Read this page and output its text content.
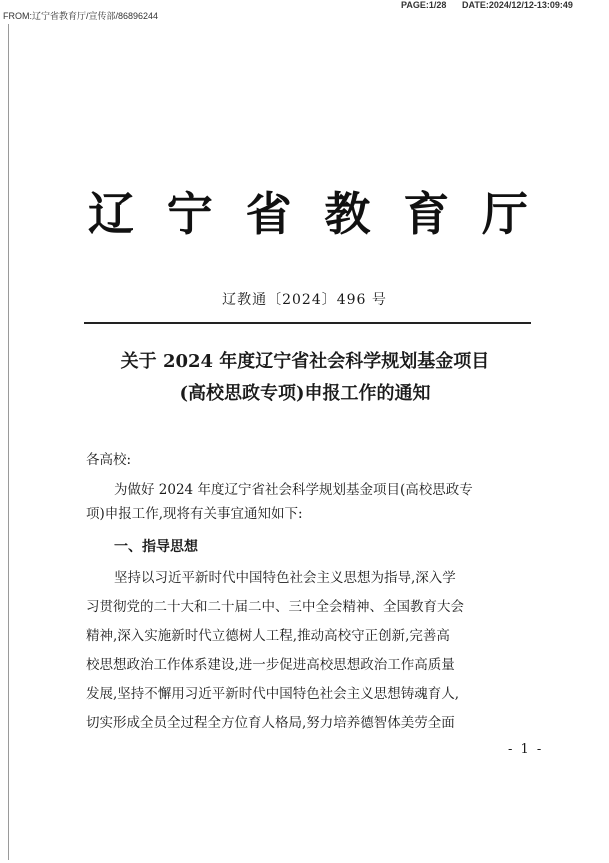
FROM:辽宁省教育厅/宣传部/86896244
PAGE:1/28 DATE:2024/12/12-13:09:49
辽 宁 省 教 育 厅
辽教通〔2024〕496 号
关于 2024 年度辽宁省社会科学规划基金项目
(高校思政专项)申报工作的通知
各高校:
为做好 2024 年度辽宁省社会科学规划基金项目(高校思政专
项)申报工作,现将有关事宜通知如下:
一、指导思想
坚持以习近平新时代中国特色社会主义思想为指导,深入学
习贯彻党的二十大和二十届二中、三中全会精神、全国教育大会
精神,深入实施新时代立德树人工程,推动高校守正创新,完善高
校思想政治工作体系建设,进一步促进高校思想政治工作高质量
发展,坚持不懈用习近平新时代中国特色社会主义思想铸魂育人,
切实形成全员全过程全方位育人格局,努力培养德智体美劳全面
- 1 -
